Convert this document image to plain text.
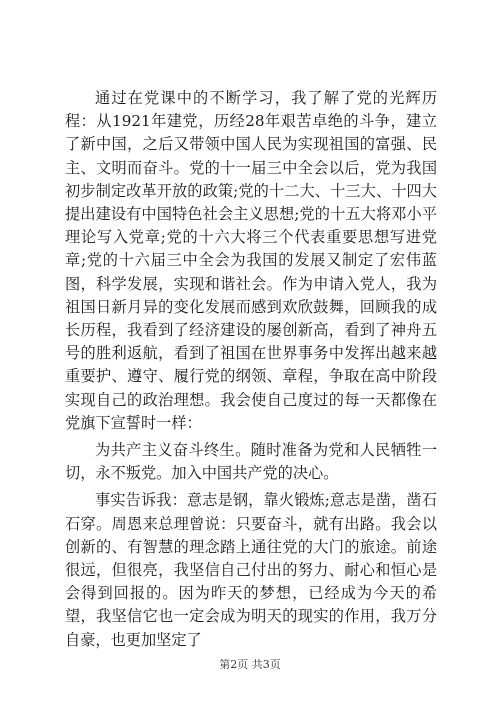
通过在党课中的不断学习，我了解了党的光辉历程：从1921年建党，历经28年艰苦卓绝的斗争，建立了新中国，之后又带领中国人民为实现祖国的富强、民主、文明而奋斗。党的十一届三中全会以后，党为我国初步制定改革开放的政策;党的十二大、十三大、十四大提出建设有中国特色社会主义思想;党的十五大将邓小平理论写入党章;党的十六大将三个代表重要思想写进党章;党的十六届三中全会为我国的发展又制定了宏伟蓝图，科学发展，实现和谐社会。作为申请入党人，我为祖国日新月异的变化发展而感到欢欣鼓舞，回顾我的成长历程，我看到了经济建设的屡创新高，看到了神舟五号的胜利返航，看到了祖国在世界事务中发挥出越来越重要护、遵守、履行党的纲领、章程，争取在高中阶段实现自己的政治理想。我会使自己度过的每一天都像在党旗下宣誓时一样：

为共产主义奋斗终生。随时准备为党和人民牺牲一切，永不叛党。加入中国共产党的决心。

事实告诉我：意志是钢，靠火锻炼;意志是凿，凿石石穿。周恩来总理曾说：只要奋斗，就有出路。我会以创新的、有智慧的理念踏上通往党的大门的旅途。前途很远，但很亮，我坚信自己付出的努力、耐心和恒心是会得到回报的。因为昨天的梦想，已经成为今天的希望，我坚信它也一定会成为明天的现实的作用，我万分自豪，也更加坚定了

第2页 共3页
